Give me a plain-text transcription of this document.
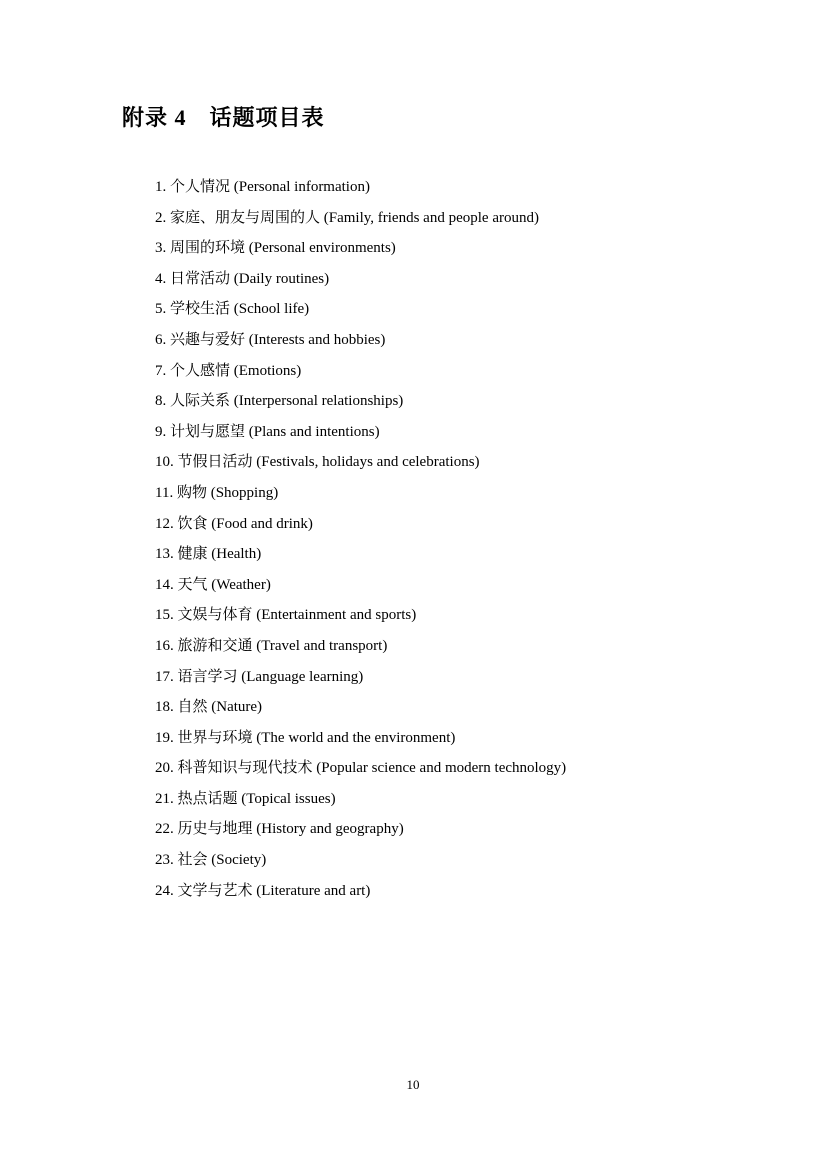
附录 4　话题项目表
1. 个人情况 (Personal information)
2. 家庭、朋友与周围的人 (Family, friends and people around)
3. 周围的环境 (Personal environments)
4. 日常活动 (Daily routines)
5. 学校生活 (School life)
6. 兴趣与爱好 (Interests and hobbies)
7. 个人感情 (Emotions)
8. 人际关系 (Interpersonal relationships)
9. 计划与愿望 (Plans and intentions)
10. 节假日活动 (Festivals, holidays and celebrations)
11. 购物 (Shopping)
12. 饮食 (Food and drink)
13. 健康 (Health)
14. 天气 (Weather)
15. 文娱与体育 (Entertainment and sports)
16. 旅游和交通 (Travel and transport)
17. 语言学习 (Language learning)
18. 自然 (Nature)
19. 世界与环境 (The world and the environment)
20. 科普知识与现代技术 (Popular science and modern technology)
21. 热点话题 (Topical issues)
22. 历史与地理 (History and geography)
23. 社会 (Society)
24. 文学与艺术 (Literature and art)
10
